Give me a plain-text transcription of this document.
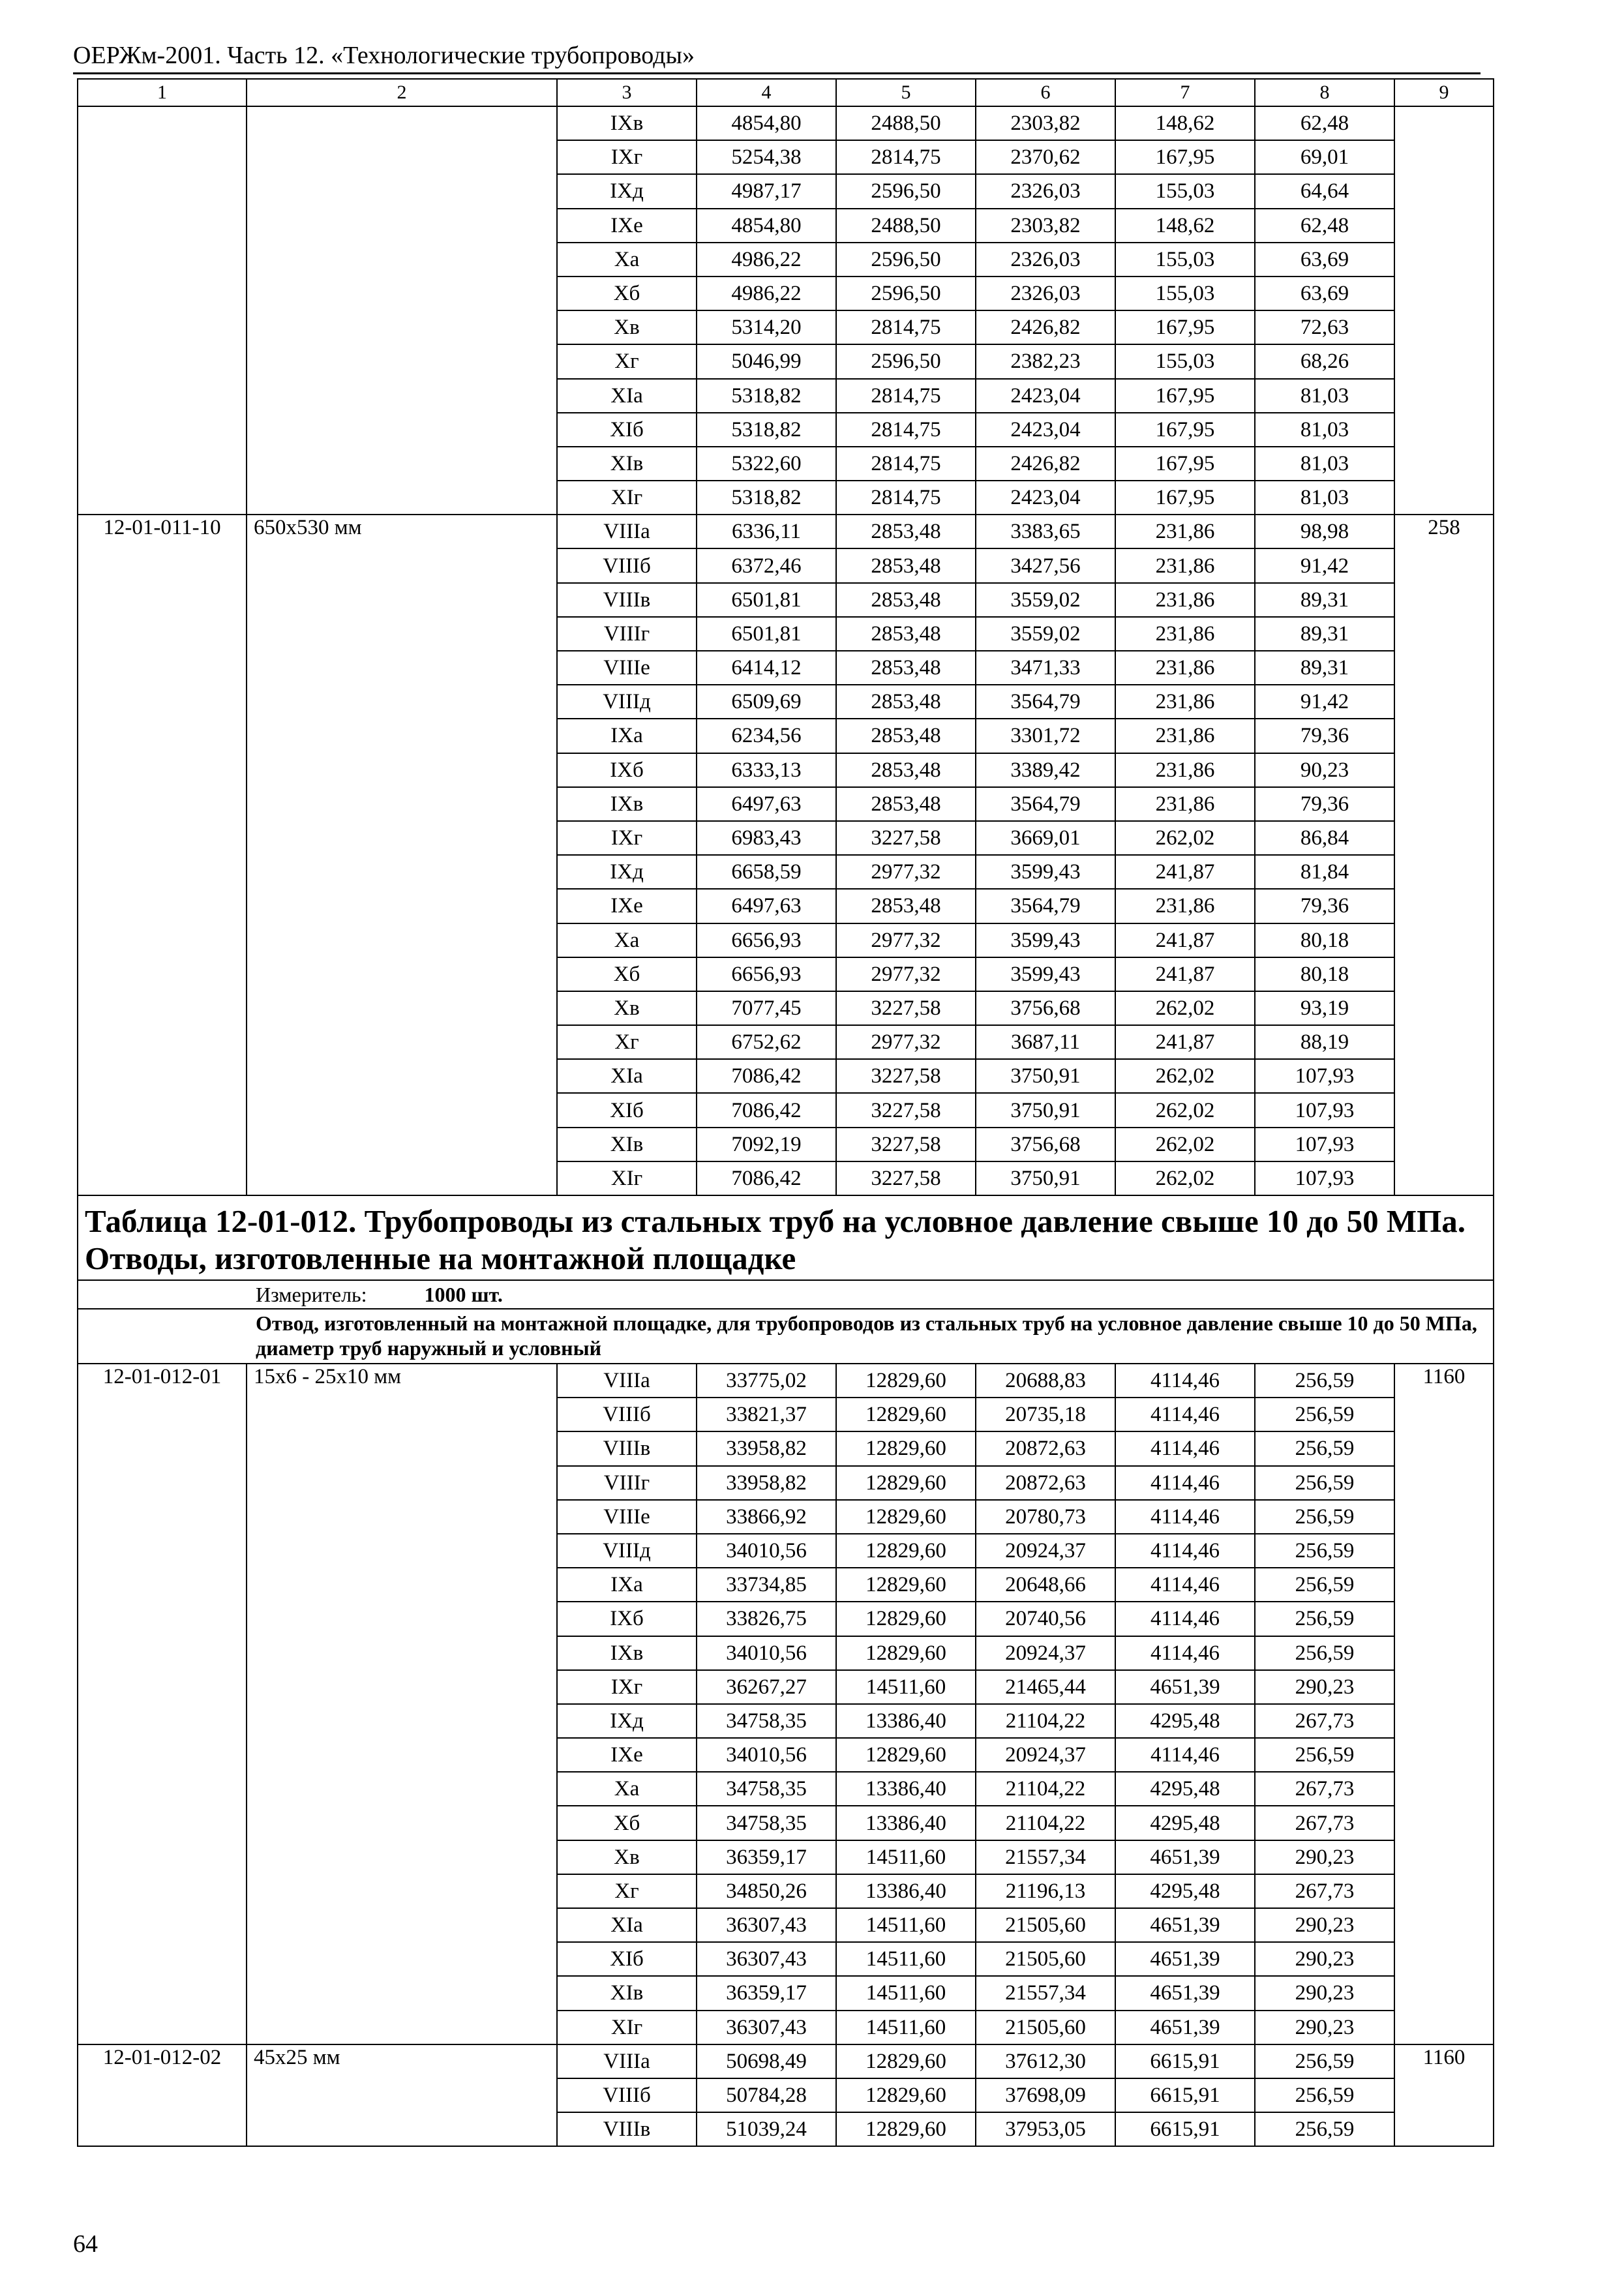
ОЕРЖм-2001. Часть 12. «Технологические трубопроводы»
1	2	3	4	5	6	7	8	9
		IХв	4854,80	2488,50	2303,82	148,62	62,48	
		IХг	5254,38	2814,75	2370,62	167,95	69,01	
		IХд	4987,17	2596,50	2326,03	155,03	64,64	
		IХе	4854,80	2488,50	2303,82	148,62	62,48	
		Ха	4986,22	2596,50	2326,03	155,03	63,69	
		Хб	4986,22	2596,50	2326,03	155,03	63,69	
		Хв	5314,20	2814,75	2426,82	167,95	72,63	
		Хг	5046,99	2596,50	2382,23	155,03	68,26	
		ХIа	5318,82	2814,75	2423,04	167,95	81,03	
		ХIб	5318,82	2814,75	2423,04	167,95	81,03	
		ХIв	5322,60	2814,75	2426,82	167,95	81,03	
		ХIг	5318,82	2814,75	2423,04	167,95	81,03	
12-01-011-10	650x530 мм	VIIIа	6336,11	2853,48	3383,65	231,86	98,98	258
		VIIIб	6372,46	2853,48	3427,56	231,86	91,42	
		VIIIв	6501,81	2853,48	3559,02	231,86	89,31	
		VIIIг	6501,81	2853,48	3559,02	231,86	89,31	
		VIIIе	6414,12	2853,48	3471,33	231,86	89,31	
		VIIIд	6509,69	2853,48	3564,79	231,86	91,42	
		IХа	6234,56	2853,48	3301,72	231,86	79,36	
		IХб	6333,13	2853,48	3389,42	231,86	90,23	
		IХв	6497,63	2853,48	3564,79	231,86	79,36	
		IХг	6983,43	3227,58	3669,01	262,02	86,84	
		IХд	6658,59	2977,32	3599,43	241,87	81,84	
		IХе	6497,63	2853,48	3564,79	231,86	79,36	
		Ха	6656,93	2977,32	3599,43	241,87	80,18	
		Хб	6656,93	2977,32	3599,43	241,87	80,18	
		Хв	7077,45	3227,58	3756,68	262,02	93,19	
		Хг	6752,62	2977,32	3687,11	241,87	88,19	
		ХIа	7086,42	3227,58	3750,91	262,02	107,93	
		ХIб	7086,42	3227,58	3750,91	262,02	107,93	
		ХIв	7092,19	3227,58	3756,68	262,02	107,93	
		ХIг	7086,42	3227,58	3750,91	262,02	107,93	
Таблица 12-01-012. Трубопроводы из стальных труб на условное давление свыше 10 до 50 МПа. Отводы, изготовленные на монтажной площадке								
Измеритель: 1000 шт.								
Отвод, изготовленный на монтажной площадке, для трубопроводов из стальных труб на условное давление свыше 10 до 50 МПа, диаметр труб наружный и условный								
12-01-012-01	15x6 - 25x10 мм	VIIIа	33775,02	12829,60	20688,83	4114,46	256,59	1160
		VIIIб	33821,37	12829,60	20735,18	4114,46	256,59	
		VIIIв	33958,82	12829,60	20872,63	4114,46	256,59	
		VIIIг	33958,82	12829,60	20872,63	4114,46	256,59	
		VIIIе	33866,92	12829,60	20780,73	4114,46	256,59	
		VIIIд	34010,56	12829,60	20924,37	4114,46	256,59	
		IХа	33734,85	12829,60	20648,66	4114,46	256,59	
		IХб	33826,75	12829,60	20740,56	4114,46	256,59	
		IХв	34010,56	12829,60	20924,37	4114,46	256,59	
		IХг	36267,27	14511,60	21465,44	4651,39	290,23	
		IХд	34758,35	13386,40	21104,22	4295,48	267,73	
		IХе	34010,56	12829,60	20924,37	4114,46	256,59	
		Ха	34758,35	13386,40	21104,22	4295,48	267,73	
		Хб	34758,35	13386,40	21104,22	4295,48	267,73	
		Хв	36359,17	14511,60	21557,34	4651,39	290,23	
		Хг	34850,26	13386,40	21196,13	4295,48	267,73	
		ХIа	36307,43	14511,60	21505,60	4651,39	290,23	
		ХIб	36307,43	14511,60	21505,60	4651,39	290,23	
		ХIв	36359,17	14511,60	21557,34	4651,39	290,23	
		ХIг	36307,43	14511,60	21505,60	4651,39	290,23	
12-01-012-02	45x25 мм	VIIIа	50698,49	12829,60	37612,30	6615,91	256,59	1160
		VIIIб	50784,28	12829,60	37698,09	6615,91	256,59	
		VIIIв	51039,24	12829,60	37953,05	6615,91	256,59	
64
